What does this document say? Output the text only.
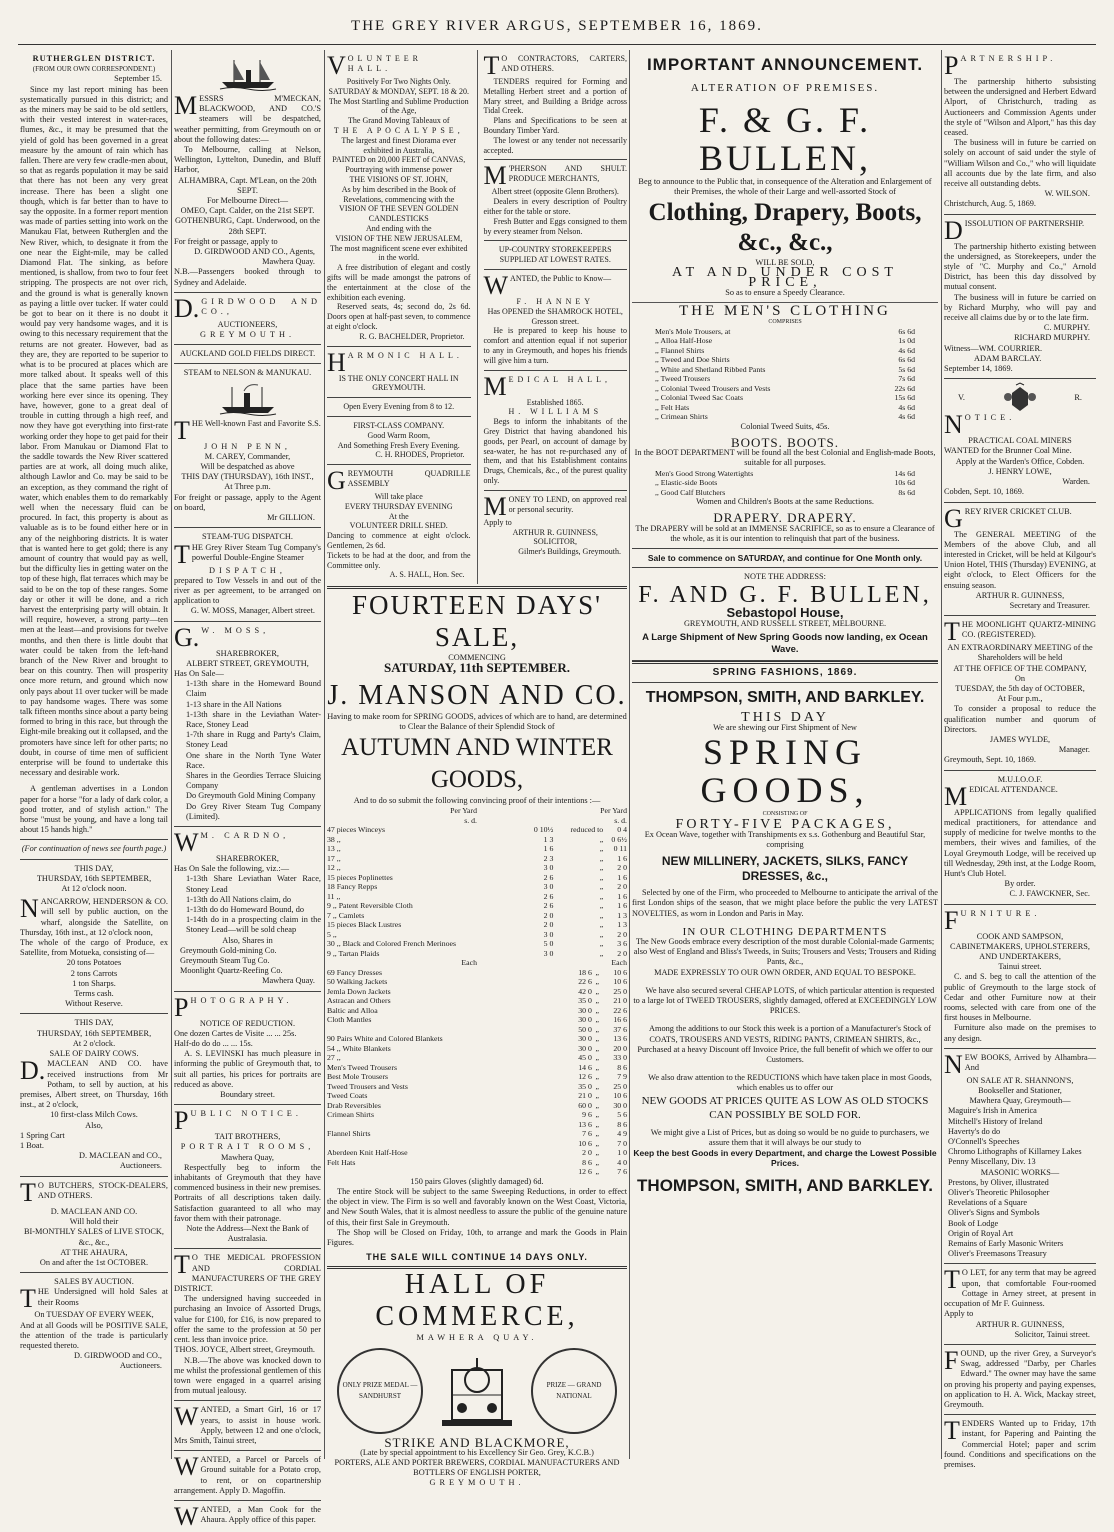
THE GREY RIVER ARGUS, SEPTEMBER 16, 1869.
RUTHERGLEN DISTRICT.
(FROM OUR OWN CORRESPONDENT.)
September 15.

Since my last report mining has been systematically pursued in this district; and as the miners may be said to be old settlers, with their vested interest in water-races, flumes, &c., it may be presumed that the yield of gold has been governed in a great measure by the amount of rain which has fallen. There are very few cradle-men about, so that as regards population it may be said that there has not been any very great increase. There has been a slight one though, which is far better than to have to say the opposite. In a former report mention was made of parties setting into work on the Manukau Flat, between Rutherglen and the New River, which, to designate it from the one near the Eight-mile, may be called Diamond Flat. The sinking, as before mentioned, is shallow, from two to four feet stripping. The prospects are not over rich, and the ground is what is generally known as paying a little over tucker. If water could be got to bear on it there is no doubt it would pay very handsome wages, and it is owing to this necessary requirement that the returns are not greater. However, bad as they are, they are reported to be superior to what is to be procured at places which are more talked about. It speaks well of this place that the same parties have been working here ever since its opening. They have, however, gone to a great deal of trouble in cutting through a high reef, and now they have got everything into first-rate working order they hope to get paid for their labor. From Manukau or Diamond Flat to the saddle towards the New River scattered parties are at work, all doing much alike, although Lawlor and Co. may be said to be an exception, as they command the right of water, which enables them to do remarkably well when the necessary fluid can be procured. In fact, this property is about as valuable as is to be found either here or in any of the neighboring districts. It is water that is wanted here to get gold; there is any amount of country that would pay as well, but the difficulty lies in getting water on the top of these high, flat terraces which may be said to be on the top of these ranges. Some day or other it will be done, and a rich harvest the enterprising party will obtain. It will require, however, a strong party—ten men at the least—and provisions for twelve months, and then there is little doubt that water could be taken from the left-hand branch of the New River and brought to bear on this country. Then will prosperity once more return, and ground which now only pays about 11 over tucker will be made to pay handsome wages. There was some talk fifteen months since about a party being formed to bring in this race, but through the Eight-mile breaking out it collapsed, and the promoters have since left for other parts; no doubt, in course of time men of sufficient enterprise will be found to undertake this necessary and desirable work.

A gentleman advertises in a London paper for a horse "for a lady of dark color, a good trotter, and of stylish action." The horse "must be young, and have a long tail about 15 hands high."

(For continuation of news see fourth page.)
THIS DAY,
THURSDAY, 16th SEPTEMBER,
At 12 o'clock noon.
NANCARROW, HENDERSON & CO. will sell by public auction, on the wharf, alongside the Satellite, on Thursday, 16th inst., at 12 o'clock noon,
The whole of the cargo of Produce, ex Satellite, from Motueka, consisting of—
20 tons Potatoes
2 tons Carrots
1 ton Sharps.
Terms cash.
Without Reserve.
THIS DAY,
THURSDAY, 16th SEPTEMBER,
At 2 o'clock.
SALE OF DAIRY COWS.
D. MACLEAN AND CO. have received instructions from Mr Potham, to sell by auction, at his premises, Albert street, on Thursday, 16th inst., at 2 o'clock,
10 first-class Milch Cows.
Also,
1 Spring Cart
1 Boat.
D. MACLEAN and CO.,
Auctioneers.
T O BUTCHERS, STOCK-DEALERS, AND OTHERS.
D. MACLEAN AND CO.
Will hold their
BI-MONTHLY SALES of LIVE STOCK,
&c., &c.,
AT THE AHAURA,
On and after the 1st OCTOBER.
SALES BY AUCTION.
THE Undersigned will hold Sales at their Rooms
On TUESDAY OF EVERY WEEK,
And at all Goods will be POSITIVE SALE, the attention of the trade is particularly requested thereto.
D. GIRDWOOD and CO.,
Auctioneers.
MESSRS M'MECKAN, BLACKWOOD, AND CO.'S steamers will be despatched, weather permitting, from Greymouth on or about the following dates:—

To Melbourne, calling at Nelson, Wellington, Lyttelton, Dunedin, and Bluff Harbor,

ALHAMBRA, Capt. M'Lean, on the 20th SEPT.
For Melbourne Direct—
OMEO, Capt. Calder, on the 21st SEPT.
GOTHENBURG, Capt. Underwood, on the 28th SEPT.
For freight or passage, apply to
D. GIRDWOOD AND CO., Agents, Mawhera Quay.
N.B.—Passengers booked through to Sydney and Adelaide.
D. GIRDWOOD AND CO.,
AUCTIONEERS,
GREYMOUTH.
AUCKLAND GOLD FIELDS DIRECT.
STEAM to NELSON & MANUKAU.
THE Well-known Fast and Favorite S.S.
JOHN PENN,
M. CAREY, Commander,
Will be despatched as above
THIS DAY (THURSDAY), 16th INST.,
At Three p.m.
For freight or passage, apply to the Agent on board,
Mr GILLION.
STEAM-TUG DISPATCH.
THE Grey River Steam Tug Company's powerful Double-Engine Steamer
DISPATCH,
prepared to Tow Vessels in and out of the river as per agreement, to be arranged on application to
G. W. MOSS, Manager, Albert street.
G. W. MOSS,
SHAREBROKER,
ALBERT STREET, GREYMOUTH,
Has On Sale—
1-13th share in the Homeward Bound Claim
1-13 share in the All Nations
1-13th share in the Leviathan Water-Race, Stoney Lead
1-7th share in Rugg and Party's Claim, Stoney Lead
One share in the North Tyne Water Race.
Shares in the Geordies Terrace Sluicing Company
Do Greymouth Gold Mining Company
Do Grey River Steam Tug Company (Limited).
W M. CARDNO,
SHAREBROKER,
Has On Sale the following, viz.:—
1-13th Share Leviathan Water Race, Stoney Lead
1-13th do All Nations claim, do
1-13th do do Homeward Bound, do
1-14th do in a prospecting claim in the Stoney Lead—will be sold cheap
Also, Shares in
Greymouth Gold-mining Co.
Greymouth Steam Tug Co.
Moonlight Quartz-Reefing Co.
Mawhera Quay.
PHOTOGRAPHY.
NOTICE OF REDUCTION.
One dozen Cartes de Visite ... ... 25s.
Half-do do do ... ... 15s.

A. S. LEVINSKI has much pleasure in informing the public of Greymouth that, to suit all parties, his prices for portraits are reduced as above.

Boundary street.
PUBLIC NOTICE.
TAIT BROTHERS,
PORTRAIT ROOMS,
Mawhera Quay,

Respectfully beg to inform the inhabitants of Greymouth that they have commenced business in their new premises. Portraits of all descriptions taken daily. Satisfaction guaranteed to all who may favor them with their patronage.

Note the Address—Next the Bank of Australasia.
T O THE MEDICAL PROFESSION AND CORDIAL MANUFACTURERS OF THE GREY DISTRICT.

The undersigned having succeeded in purchasing an Invoice of Assorted Drugs, value for £100, for £16, is now prepared to offer the same to the profession at 50 per cent. less than invoice price.

THOS. JOYCE, Albert street, Greymouth.

N.B.—The above was knocked down to me whilst the professional gentlemen of this town were engaged in a quarrel arising from mutual jealousy.

WANTED, a Smart Girl, 16 or 17 years, to assist in house work. Apply, between 12 and one o'clock, Mrs Smith, Tainui street,
WANTED, a Parcel or Parcels of Ground suitable for a Potato crop, to rent, or on copartnership arrangement. Apply D. Magoffin.
WANTED, a Man Cook for the Ahaura. Apply office of this paper.
VOLUNTEER HALL.
Positively For Two Nights Only.
SATURDAY & MONDAY, SEPT. 18 & 20.
The Most Startling and Sublime Production of the Age,
The Grand Moving Tableaux of
THE APOCALYPSE,
The largest and finest Diorama ever exhibited in Australia,
PAINTED on 20,000 FEET of CANVAS,
Pourtraying with immense power
THE VISIONS OF ST. JOHN,
As by him described in the Book of Revelations, commencing with the
VISION OF THE SEVEN GOLDEN CANDLESTICKS
And ending with the
VISION OF THE NEW JERUSALEM,
The most magnificent scene ever exhibited in the world.

A free distribution of elegant and costly gifts will be made amongst the patrons of the entertainment at the close of the exhibition each evening.

Reserved seats, 4s; second do, 2s 6d. Doors open at half-past seven, to commence at eight o'clock.

R. G. BACHELDER, Proprietor.
HARMONIC HALL.
IS THE ONLY CONCERT HALL IN GREYMOUTH.
Open Every Evening from 8 to 12.
FIRST-CLASS COMPANY.
Good Warm Room,
And Something Fresh Every Evening.
C. H. RHODES, Proprietor.
GREYMOUTH QUADRILLE ASSEMBLY
Will take place
EVERY THURSDAY EVENING
At the
VOLUNTEER DRILL SHED.
Dancing to commence at eight o'clock. Gentlemen, 2s 6d.
Tickets to be had at the door, and from the Committee only.
A. S. HALL, Hon. Sec.
T O CONTRACTORS, CARTERS, AND OTHERS.

TENDERS required for Forming and Metalling Herbert street and a portion of Mary street, and Building a Bridge across Tidal Creek.

Plans and Specifications to be seen at Boundary Timber Yard.

The lowest or any tender not necessarily accepted.

M 'PHERSON AND SHULT. PRODUCE MERCHANTS,
Albert street (opposite Glenn Brothers).

Dealers in every description of Poultry either for the table or store.

Fresh Butter and Eggs consigned to them by every steamer from Nelson.

UP-COUNTRY STOREKEEPERS SUPPLIED AT LOWEST RATES.
WANTED, the Public to Know—
F. HANNEY
Has OPENED the SHAMROCK HOTEL, Gresson street.

He is prepared to keep his house to comfort and attention equal if not superior to any in Greymouth, and hopes his friends will give him a turn.

MEDICAL HALL,
Established 1865.
H. WILLIAMS

Begs to inform the inhabitants of the Grey District that having abandoned his goods, per Pearl, on account of damage by sea-water, he has not re-purchased any of them, and that his Establishment contains Drugs, Chemicals, &c., of the purest quality only.

MONEY TO LEND, on approved real or personal security.
Apply to
ARTHUR R. GUINNESS,
SOLICITOR,
Gilmer's Buildings, Greymouth.
FOURTEEN DAYS' SALE,
COMMENCING
SATURDAY, 11th SEPTEMBER.
J. MANSON AND CO.
Having to make room for SPRING GOODS, advices of which are to hand, are determined to Clear the Balance of their Splendid Stock of
AUTUMN AND WINTER GOODS,
And to do so submit the following convincing proof of their intentions :—
	Per Yard		Per Yard
	s. d.		s. d.
47 pieces Winceys	0 10½	reduced to	0 4
38 ,,	1 3	„	0 6½
13 ,,	1 6	„	0 11
17 ,,	2 3	„	1 6
12 ,,	3 0	„	2 0
15 pieces Poplinettes	2 6	„	1 6
18 Fancy Repps	3 0	„	2 0
11 ,,	2 6	„	1 6
9 ,, Patent Reversible Cloth	2 6	„	1 6
7 ,, Camlets	2 0	„	1 3
15 pieces Black Lustres	2 0	„	1 3
5 ,,	3 0	„	2 0
30 ,, Black and Colored French Merinoes	5 0	„	3 6
9 ,, Tartan Plaids	3 0	„	2 0
	Each		Each
69 Fancy Dresses	18 6	„	10 6
50 Walking Jackets	22 6	„	10 6
Jemla Down Jackets	42 0	„	25 0
Astracan and Others	35 0	„	21 0
Baltic and Alloa	30 0	„	22 6
Cloth Mantles	30 0	„	16 6
	50 0	„	37 6
90 Pairs White and Colored Blankets	30 0	„	13 6
54 ,, White Blankets	30 0	„	20 0
27 ,,	45 0	„	33 0
Men's Tweed Trousers	14 6	„	8 6
Best Mole Trousers	12 6	„	7 9
Tweed Trousers and Vests	35 0	„	25 0
Tweed Coats	21 0	„	10 6
Drab Reversibles	60 0	„	30 0
Crimean Shirts	9 6	„	5 6
	13 6	„	8 6
Flannel Shirts	7 6	„	4 9
	10 6	„	7 0
Aberdeen Knit Half-Hose	2 0	„	1 0
Felt Hats	8 6	„	4 0
	12 6	„	7 6
150 pairs Gloves (slightly damaged) 6d.

The entire Stock will be subject to the same Sweeping Reductions, in order to effect the object in view. The Firm is so well and favorably known on the West Coast, Victoria, and New South Wales, that it is almost needless to assure the public of the genuine nature of this, their first Sale in Greymouth.

The Shop will be Closed on Friday, 10th, to arrange and mark the Goods in Plain Figures.

THE SALE WILL CONTINUE 14 DAYS ONLY.
HALL OF COMMERCE,
MAWHERA QUAY.
ONLY PRIZE MEDAL — SANDHURST
PRIZE — GRAND NATIONAL
STRIKE AND BLACKMORE,
(Late by special appointment to his Excellency Sir Geo. Grey, K.C.B.)
PORTERS, ALE AND PORTER BREWERS, CORDIAL MANUFACTURERS AND BOTTLERS OF ENGLISH PORTER,
GREYMOUTH.
IMPORTANT ANNOUNCEMENT.
ALTERATION OF PREMISES.
F. & G. F. BULLEN,
Beg to announce to the Public that, in consequence of the Alteration and Enlargement of their Premises, the whole of their Large and well-assorted Stock of
Clothing, Drapery, Boots, &c., &c.,
WILL BE SOLD,
AT AND UNDER COST PRICE,
So as to ensure a Speedy Clearance.
THE MEN'S CLOTHING
COMPRISES
Men's Mole Trousers, at	6s 6d
,, Alloa Half-Hose	1s 0d
,, Flannel Shirts	4s 6d
,, Tweed and Doe Shirts	6s 6d
,, White and Shetland Ribbed Pants	5s 6d
,, Tweed Trousers	7s 6d
,, Colonial Tweed Trousers and Vests	22s 6d
,, Colonial Tweed Sac Coats	15s 6d
,, Felt Hats	4s 6d
,, Crimean Shirts	4s 6d
Colonial Tweed Suits, 45s.
BOOTS. BOOTS.
In the BOOT DEPARTMENT will be found all the best Colonial and English-made Boots, suitable for all purposes.
Men's Good Strong Watertights	14s 6d
,, Elastic-side Boots	10s 6d
,, Good Calf Blutchers	8s 6d
Women and Children's Boots at the same Reductions.
DRAPERY. DRAPERY.
The DRAPERY will be sold at an IMMENSE SACRIFICE, so as to ensure a Clearance of the whole, as it is our intention to relinquish that part of the business.
Sale to commence on SATURDAY, and continue for One Month only.
NOTE THE ADDRESS:
F. AND G. F. BULLEN,
Sebastopol House,
GREYMOUTH, AND RUSSELL STREET, MELBOURNE.
A Large Shipment of New Spring Goods now landing, ex Ocean Wave.
SPRING FASHIONS, 1869.
THOMPSON, SMITH, AND BARKLEY.
THIS DAY
We are shewing our First Shipment of New
SPRING GOODS,
CONSISTING OF
FORTY-FIVE PACKAGES,
Ex Ocean Wave, together with Transhipments ex s.s. Gothenburg and Beautiful Star, comprising
NEW MILLINERY, JACKETS, SILKS, FANCY DRESSES, &c.,

Selected by one of the Firm, who proceeded to Melbourne to anticipate the arrival of the first London ships of the season, that we might place before the public the very LATEST NOVELTIES, as worn in London and Paris in May.

IN OUR CLOTHING DEPARTMENTS
The New Goods embrace every description of the most durable Colonial-made Garments; also West of England and Bliss's Tweeds, in Suits; Trousers and Vests; Trousers and Riding Pants, &c.,
MADE EXPRESSLY TO OUR OWN ORDER, AND EQUAL TO BESPOKE.

We have also secured several CHEAP LOTS, of which particular attention is requested to a large lot of TWEED TROUSERS, slightly damaged, offered at EXCEEDINGLY LOW PRICES.

Among the additions to our Stock this week is a portion of a Manufacturer's Stock of

COATS, TROUSERS AND VESTS, RIDING PANTS, CRIMEAN SHIRTS, &c.,
Purchased at a heavy Discount off Invoice Price, the full benefit of which we offer to our Customers.

We also draw attention to the REDUCTIONS which have taken place in most Goods, which enables us to offer our

NEW GOODS AT PRICES QUITE AS LOW AS OLD STOCKS CAN POSSIBLY BE SOLD FOR.

We might give a List of Prices, but as doing so would be no guide to purchasers, we assure them that it will always be our study to

Keep the best Goods in every Department, and charge the Lowest Possible Prices.
THOMPSON, SMITH, AND BARKLEY.
PARTNERSHIP.

The partnership hitherto subsisting between the undersigned and Herbert Edward Alport, of Christchurch, trading as Auctioneers and Commission Agents under the style of "Wilson and Alport," has this day ceased.

The business will in future be carried on solely on account of said under the style of "William Wilson and Co.," who will liquidate all accounts due by the late firm, and also receive all outstanding debts.

W. WILSON.
Christchurch, Aug. 5, 1869.
DISSOLUTION OF PARTNERSHIP.

The partnership hitherto existing between the undersigned, as Storekeepers, under the style of "C. Murphy and Co.," Arnold District, has been this day dissolved by mutual consent.

The business will in future be carried on by Richard Murphy, who will pay and receive all claims due by or to the late firm.

C. MURPHY.
RICHARD MURPHY.
Witness—WM. COURRIER.
ADAM BARCLAY.
September 14, 1869.
V.	R.
NOTICE.
PRACTICAL COAL MINERS
WANTED for the Brunner Coal Mine.
Apply at the Warden's Office, Cobden.
J. HENRY LOWE,
Warden.
Cobden, Sept. 10, 1869.
GREY RIVER CRICKET CLUB.

The GENERAL MEETING of the Members of the above Club, and all interested in Cricket, will be held at Kilgour's Union Hotel, THIS (Thursday) EVENING, at eight o'clock, to Elect Officers for the ensuing season.

ARTHUR R. GUINNESS,
Secretary and Treasurer.
THE MOONLIGHT QUARTZ-MINING CO. (REGISTERED).
AN EXTRAORDINARY MEETING of the Shareholders will be held
AT THE OFFICE OF THE COMPANY,
On
TUESDAY, the 5th day of OCTOBER,
At Four p.m.,

To consider a proposal to reduce the qualification number and quorum of Directors.

JAMES WYLDE,
Manager.
Greymouth, Sept. 10, 1869.
M.U.I.O.O.F.
MEDICAL ATTENDANCE.

APPLICATIONS from legally qualified medical practitioners, for attendance and supply of medicine for twelve months to the members, their wives and families, of the Loyal Greymouth Lodge, will be received up till Wednesday, 29th inst, at the Lodge Room, Hunt's Club Hotel.

By order.
C. J. FAWCKNER, Sec.
FURNITURE.
COOK AND SAMPSON,
CABINETMAKERS, UPHOLSTERERS, AND UNDERTAKERS,
Tainui street.

C. and S. beg to call the attention of the public of Greymouth to the large stock of Cedar and other Furniture now at their rooms, selected with care from one of the first houses in Melbourne.

Furniture also made on the premises to any design.

NEW BOOKS, Arrived by Alhambra—And
ON SALE AT R. SHANNON'S,
Bookseller and Stationer,
Mawhera Quay, Greymouth—
Maguire's Irish in America
Mitchell's History of Ireland
Haverty's do do
O'Connell's Speeches
Chromo Lithographs of Killarney Lakes
Penny Miscellany, Div. 13
MASONIC WORKS—
Prestons, by Oliver, illustrated
Oliver's Theoretic Philosopher
Revelations of a Square
Oliver's Signs and Symbols
Book of Lodge
Origin of Royal Art
Remains of Early Masonic Writers
Oliver's Freemasons Treasury
T O LET, for any term that may be agreed upon, that comfortable Four-roomed Cottage in Arney street, at present in occupation of Mr F. Guinness.
Apply to
ARTHUR R. GUINNESS,
Solicitor, Tainui street.
FOUND, up the river Grey, a Surveyor's Swag, addressed "Darby, per Charles Edward." The owner may have the same on proving his property and paying expenses, on application to H. A. Wick, Mackay street, Greymouth.
TENDERS Wanted up to Friday, 17th instant, for Papering and Painting the Commercial Hotel; paper and scrim found. Conditions and specifications on the premises.
